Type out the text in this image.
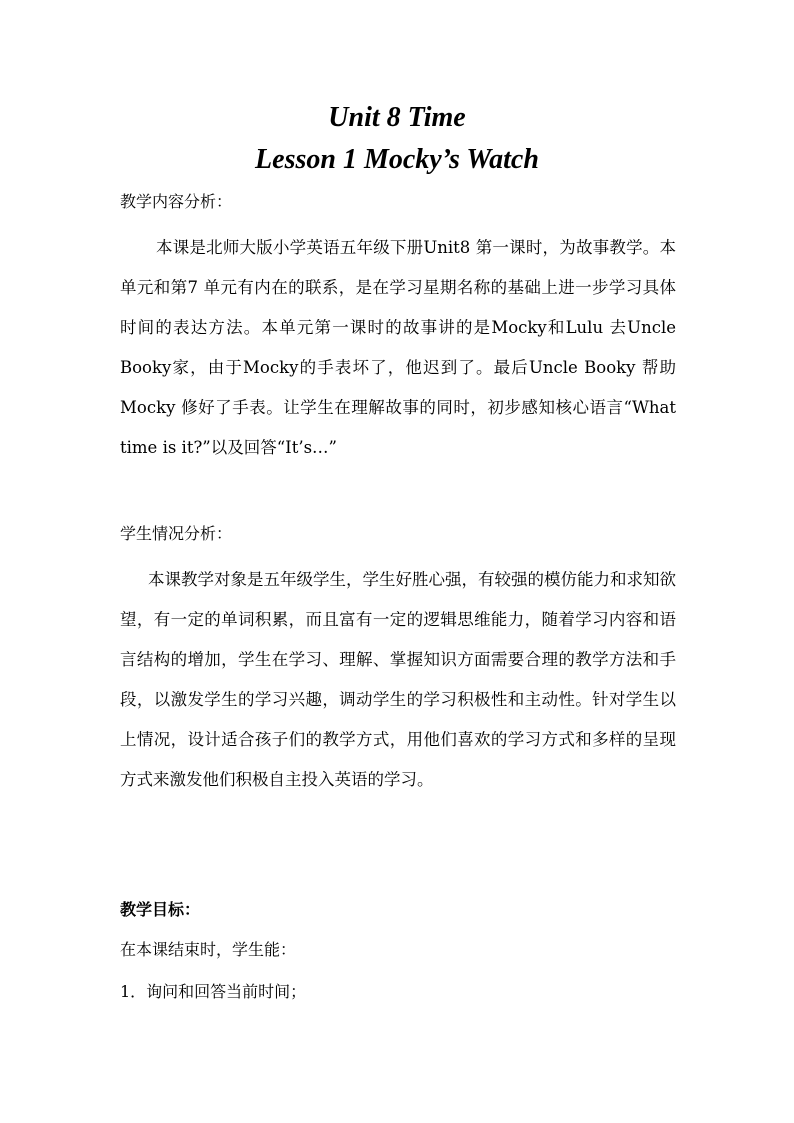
Unit 8 Time
Lesson 1 Mocky’s Watch

教学内容分析：

本课是北师大版小学英语五年级下册Unit8 第一课时，为故事教学。本单元和第7 单元有内在的联系，是在学习星期名称的基础上进一步学习具体时间的表达方法。本单元第一课时的故事讲的是Mocky和Lulu 去Uncle Booky家，由于Mocky的手表坏了，他迟到了。最后Uncle Booky 帮助Mocky 修好了手表。让学生在理解故事的同时，初步感知核心语言“What time is it?”以及回答“It’s…”

学生情况分析：

本课教学对象是五年级学生，学生好胜心强，有较强的模仿能力和求知欲望，有一定的单词积累，而且富有一定的逻辑思维能力，随着学习内容和语言结构的增加，学生在学习、理解、掌握知识方面需要合理的教学方法和手段，以激发学生的学习兴趣，调动学生的学习积极性和主动性。针对学生以上情况，设计适合孩子们的教学方式，用他们喜欢的学习方式和多样的呈现方式来激发他们积极自主投入英语的学习。

教学目标：

在本课结束时，学生能：

1．询问和回答当前时间；
